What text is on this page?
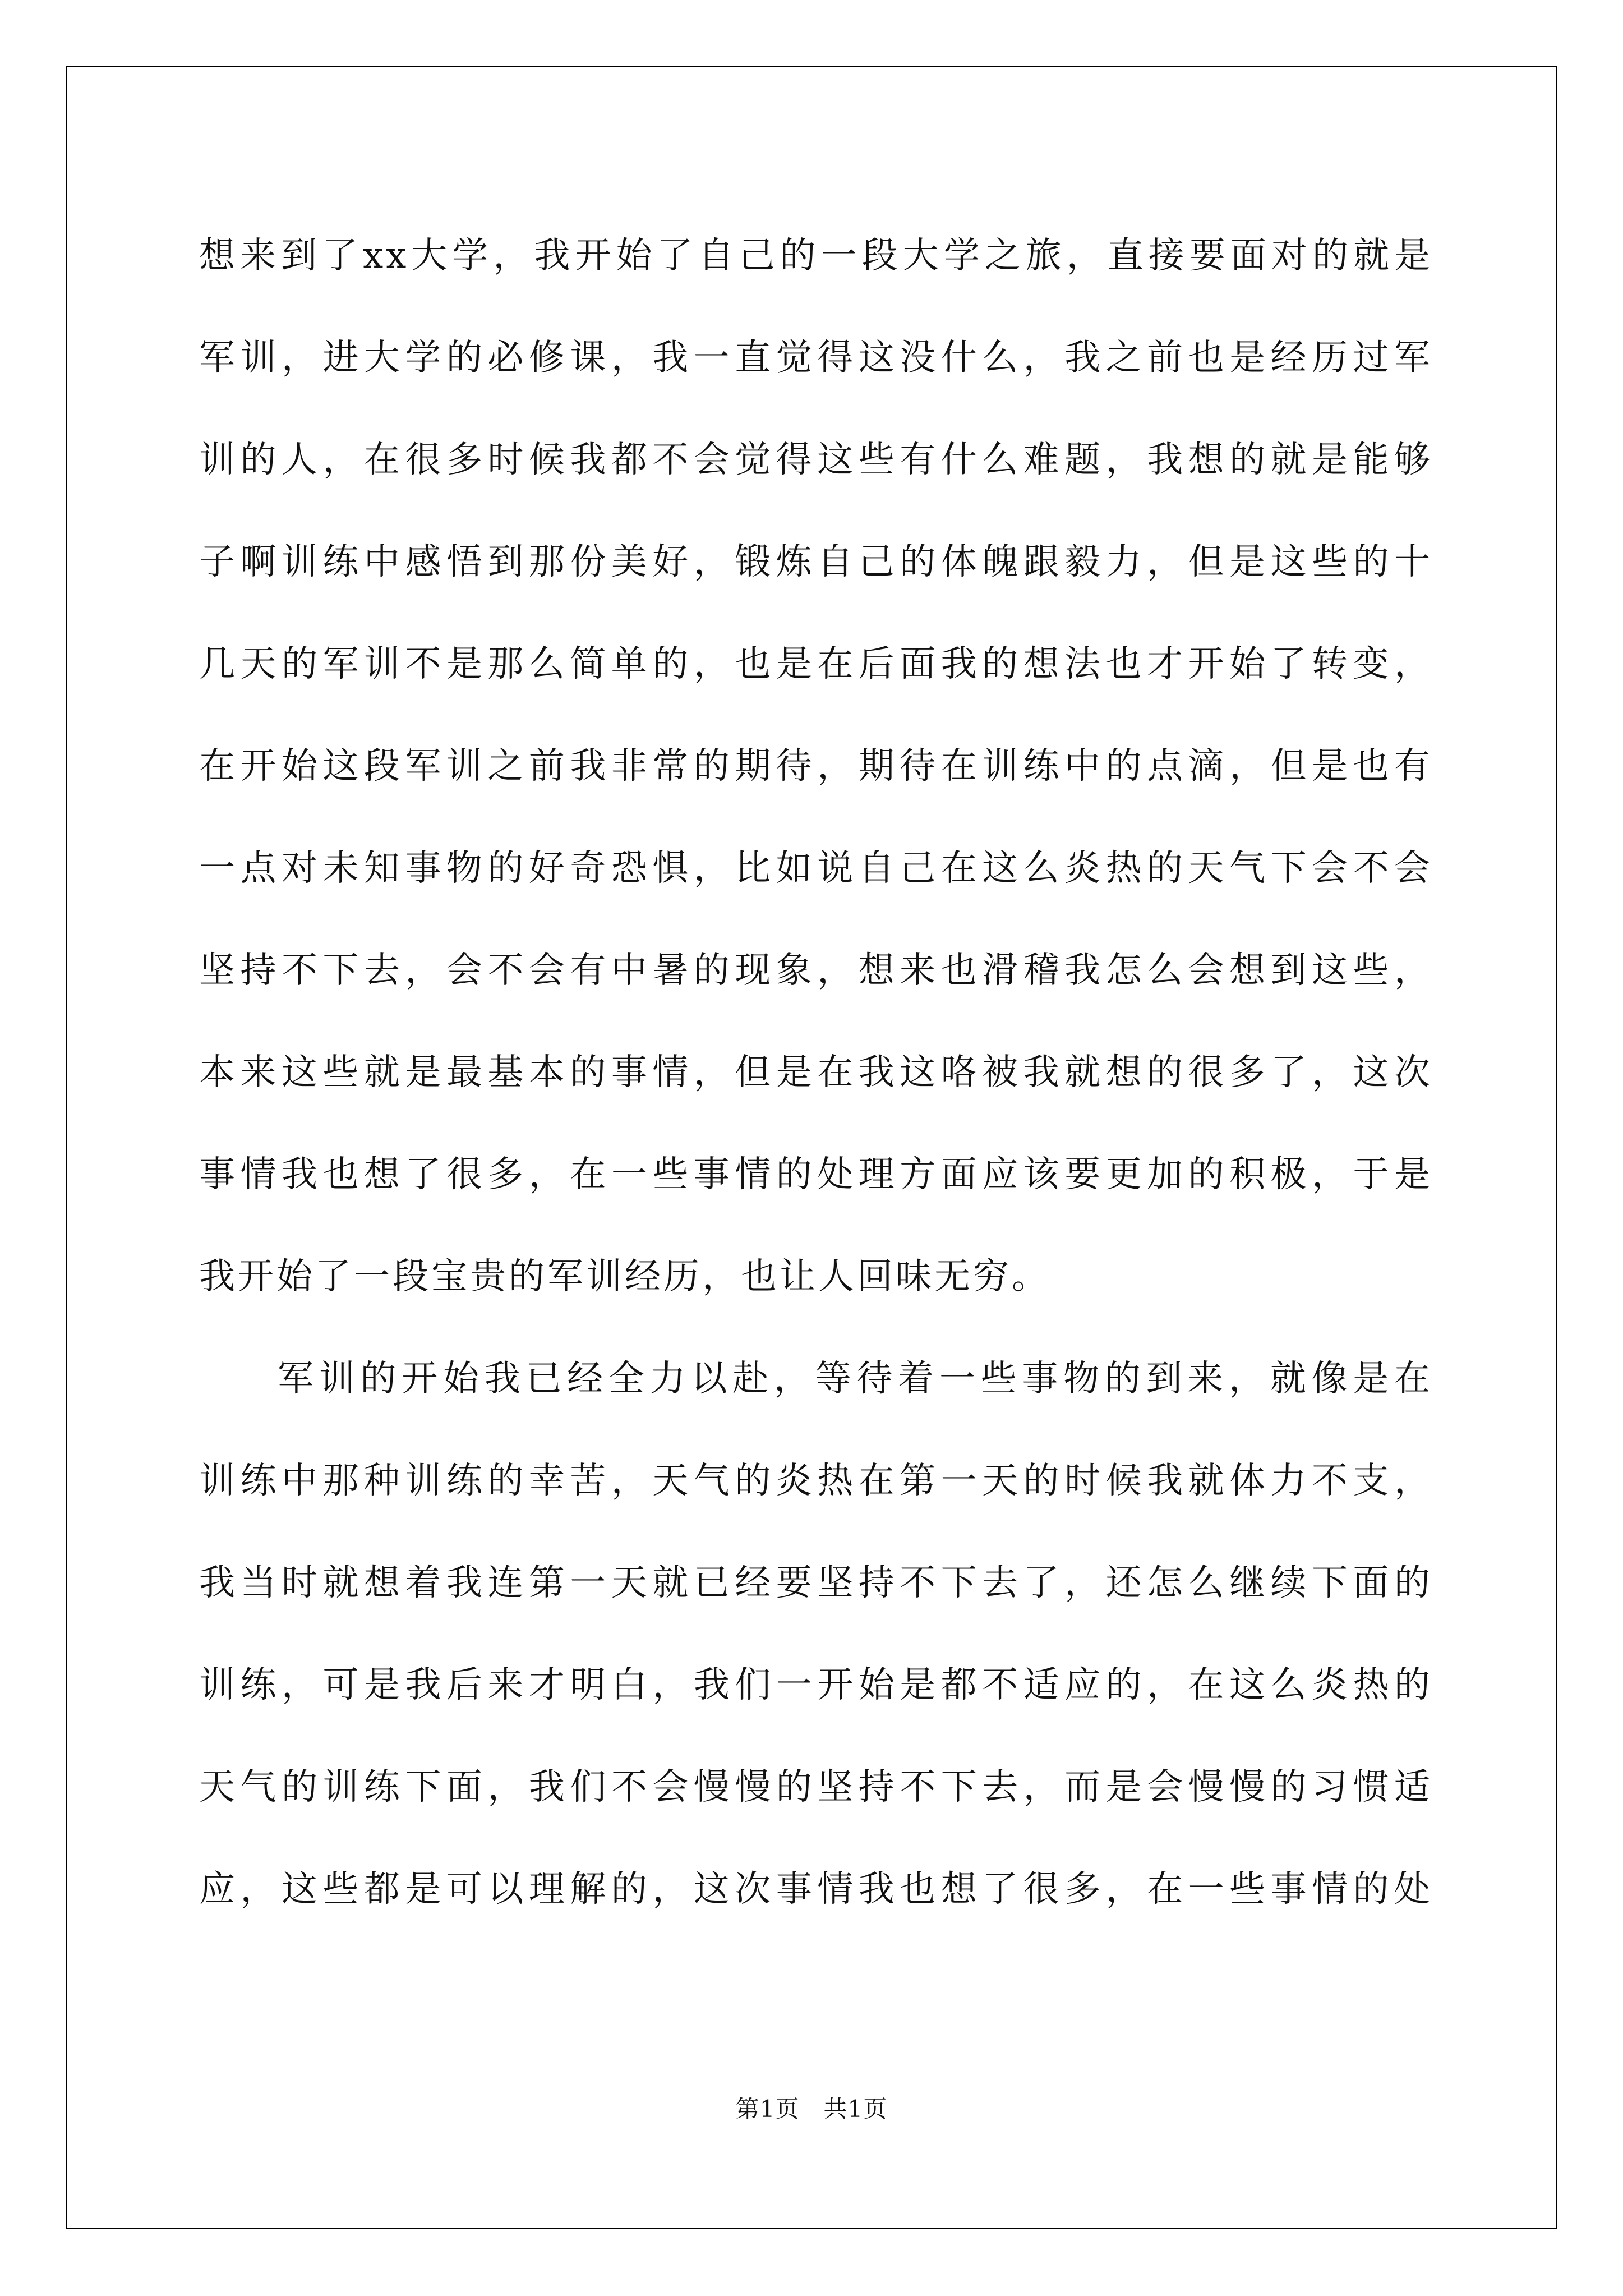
想来到了xx大学，我开始了自己的一段大学之旅，直接要面对的就是
军训，进大学的必修课，我一直觉得这没什么，我之前也是经历过军
训的人，在很多时候我都不会觉得这些有什么难题，我想的就是能够
子啊训练中感悟到那份美好，锻炼自己的体魄跟毅力，但是这些的十
几天的军训不是那么简单的，也是在后面我的想法也才开始了转变，
在开始这段军训之前我非常的期待，期待在训练中的点滴，但是也有
一点对未知事物的好奇恐惧，比如说自己在这么炎热的天气下会不会
坚持不下去，会不会有中暑的现象，想来也滑稽我怎么会想到这些，
本来这些就是最基本的事情，但是在我这咯被我就想的很多了，这次
事情我也想了很多，在一些事情的处理方面应该要更加的积极，于是
我开始了一段宝贵的军训经历，也让人回味无穷。
军训的开始我已经全力以赴，等待着一些事物的到来，就像是在
训练中那种训练的幸苦，天气的炎热在第一天的时候我就体力不支，
我当时就想着我连第一天就已经要坚持不下去了，还怎么继续下面的
训练，可是我后来才明白，我们一开始是都不适应的，在这么炎热的
天气的训练下面，我们不会慢慢的坚持不下去，而是会慢慢的习惯适
应，这些都是可以理解的，这次事情我也想了很多，在一些事情的处
第1页   共1页
